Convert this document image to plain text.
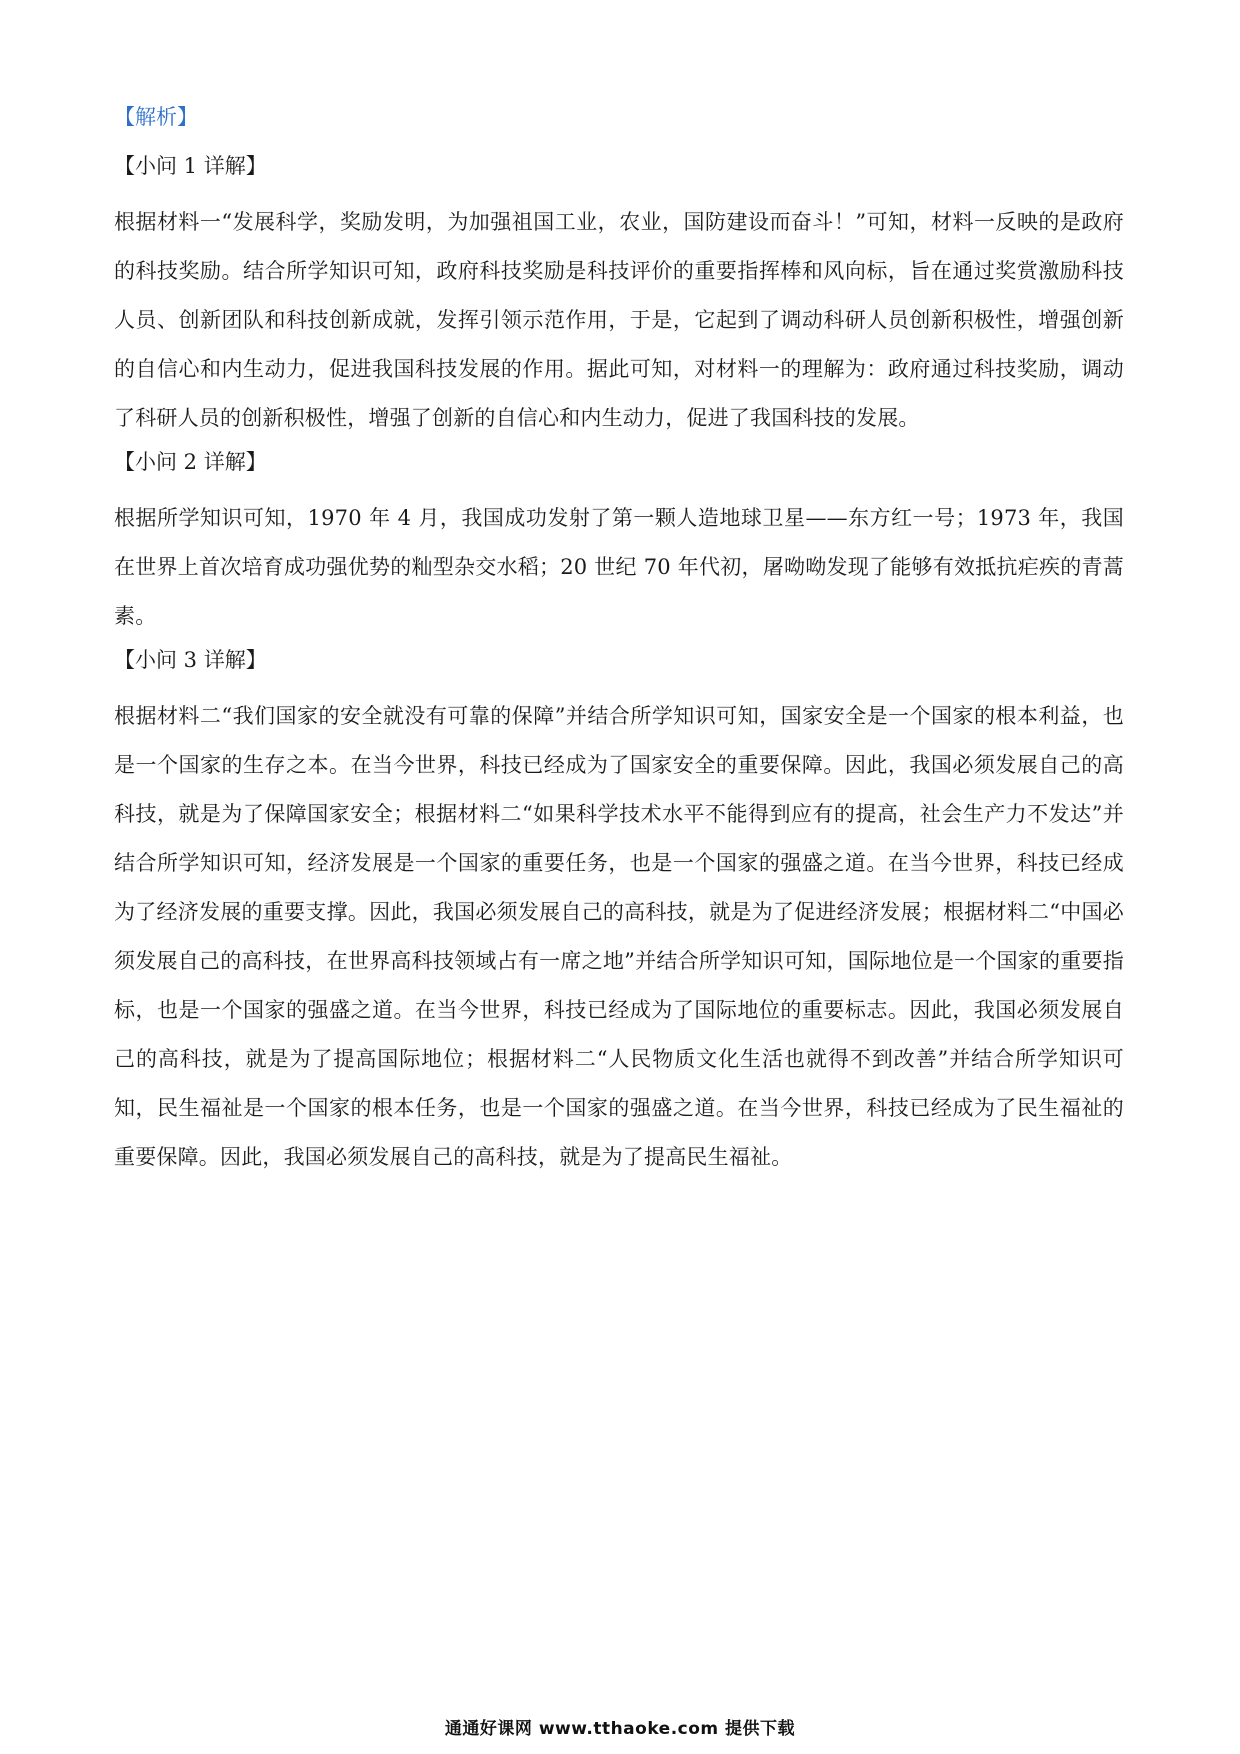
【解析】
【小问 1 详解】

根据材料一“发展科学，奖励发明，为加强祖国工业，农业，国防建设而奋斗！”可知，材料一反映的是政府的科技奖励。结合所学知识可知，政府科技奖励是科技评价的重要指挥棒和风向标，旨在通过奖赏激励科技人员、创新团队和科技创新成就，发挥引领示范作用，于是，它起到了调动科研人员创新积极性，增强创新的自信心和内生动力，促进我国科技发展的作用。据此可知，对材料一的理解为：政府通过科技奖励，调动了科研人员的创新积极性，增强了创新的自信心和内生动力，促进了我国科技的发展。

【小问 2 详解】

根据所学知识可知，1970 年 4 月，我国成功发射了第一颗人造地球卫星——东方红一号；1973 年，我国在世界上首次培育成功强优势的籼型杂交水稻；20 世纪 70 年代初，屠呦呦发现了能够有效抵抗疟疾的青蒿素。

【小问 3 详解】

根据材料二“我们国家的安全就没有可靠的保障”并结合所学知识可知，国家安全是一个国家的根本利益，也是一个国家的生存之本。在当今世界，科技已经成为了国家安全的重要保障。因此，我国必须发展自己的高科技，就是为了保障国家安全；根据材料二“如果科学技术水平不能得到应有的提高，社会生产力不发达”并结合所学知识可知，经济发展是一个国家的重要任务，也是一个国家的强盛之道。在当今世界，科技已经成为了经济发展的重要支撑。因此，我国必须发展自己的高科技，就是为了促进经济发展；根据材料二“中国必须发展自己的高科技，在世界高科技领域占有一席之地”并结合所学知识可知，国际地位是一个国家的重要指标，也是一个国家的强盛之道。在当今世界，科技已经成为了国际地位的重要标志。因此，我国必须发展自己的高科技，就是为了提高国际地位；根据材料二“人民物质文化生活也就得不到改善”并结合所学知识可知，民生福祉是一个国家的根本任务，也是一个国家的强盛之道。在当今世界，科技已经成为了民生福祉的重要保障。因此，我国必须发展自己的高科技，就是为了提高民生福祉。

通通好课网 www.tthaoke.com 提供下载
